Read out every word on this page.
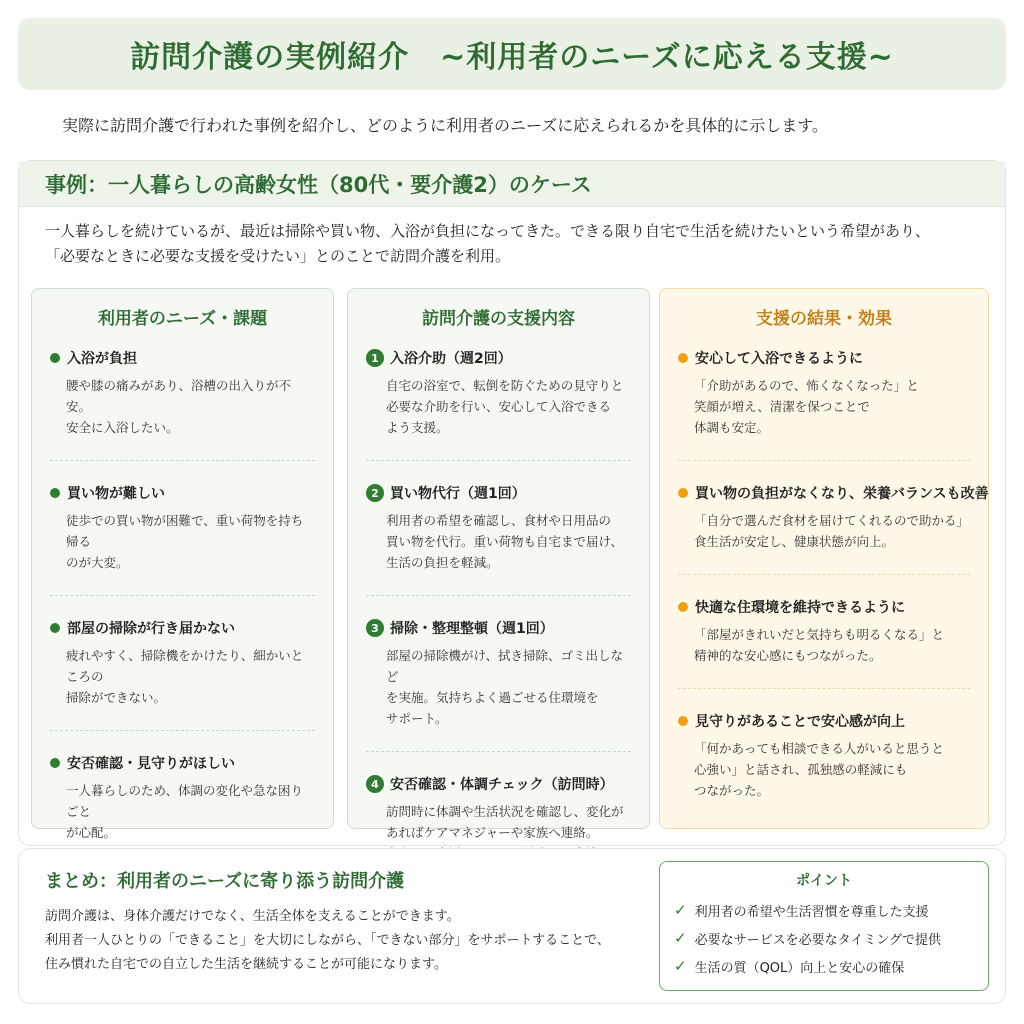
訪問介護の実例紹介　~利用者のニーズに応える支援~

実際に訪問介護で行われた事例を紹介し、どのように利用者のニーズに応えられるかを具体的に示します。

事例：一人暮らしの高齢女性（80代・要介護2）のケース
一人暮らしを続けているが、最近は掃除や買い物、入浴が負担になってきた。できる限り自宅で生活を続けたいという希望があり、
「必要なときに必要な支援を受けたい」とのことで訪問介護を利用。
利用者のニーズ・課題
入浴が負担
腰や膝の痛みがあり、浴槽の出入りが不安。
安全に入浴したい。
買い物が難しい
徒歩での買い物が困難で、重い荷物を持ち帰る
のが大変。
部屋の掃除が行き届かない
疲れやすく、掃除機をかけたり、細かいところの
掃除ができない。
安否確認・見守りがほしい
一人暮らしのため、体調の変化や急な困りごと
が心配。
訪問介護の支援内容
1 入浴介助（週2回）
自宅の浴室で、転倒を防ぐための見守りと
必要な介助を行い、安心して入浴できる
よう支援。
2 買い物代行（週1回）
利用者の希望を確認し、食材や日用品の
買い物を代行。重い荷物も自宅まで届け、
生活の負担を軽減。
3 掃除・整理整頓（週1回）
部屋の掃除機がけ、拭き掃除、ゴミ出しなど
を実施。気持ちよく過ごせる住環境を
サポート。
4 安否確認・体調チェック（訪問時）
訪問時に体調や生活状況を確認し、変化が
あればケアマネジャーや家族へ連絡。
支援の結果・効果
安心して入浴できるように
「介助があるので、怖くなくなった」と
笑顔が増え、清潔を保つことで
体調も安定。
買い物の負担がなくなり、栄養バランスも改善
「自分で選んだ食材を届けてくれるので助かる」
食生活が安定し、健康状態が向上。
快適な住環境を維持できるように
「部屋がきれいだと気持ちも明るくなる」と
精神的な安心感にもつながった。
見守りがあることで安心感が向上
「何かあっても相談できる人がいると思うと
心強い」と話され、孤独感の軽減にも
つながった。
まとめ：利用者のニーズに寄り添う訪問介護
訪問介護は、身体介護だけでなく、生活全体を支えることができます。
利用者一人ひとりの「できること」を大切にしながら、「できない部分」をサポートすることで、
住み慣れた自宅での自立した生活を継続することが可能になります。
ポイント
✓ 利用者の希望や生活習慣を尊重した支援
✓ 必要なサービスを必要なタイミングで提供
✓ 生活の質（QOL）向上と安心の確保
